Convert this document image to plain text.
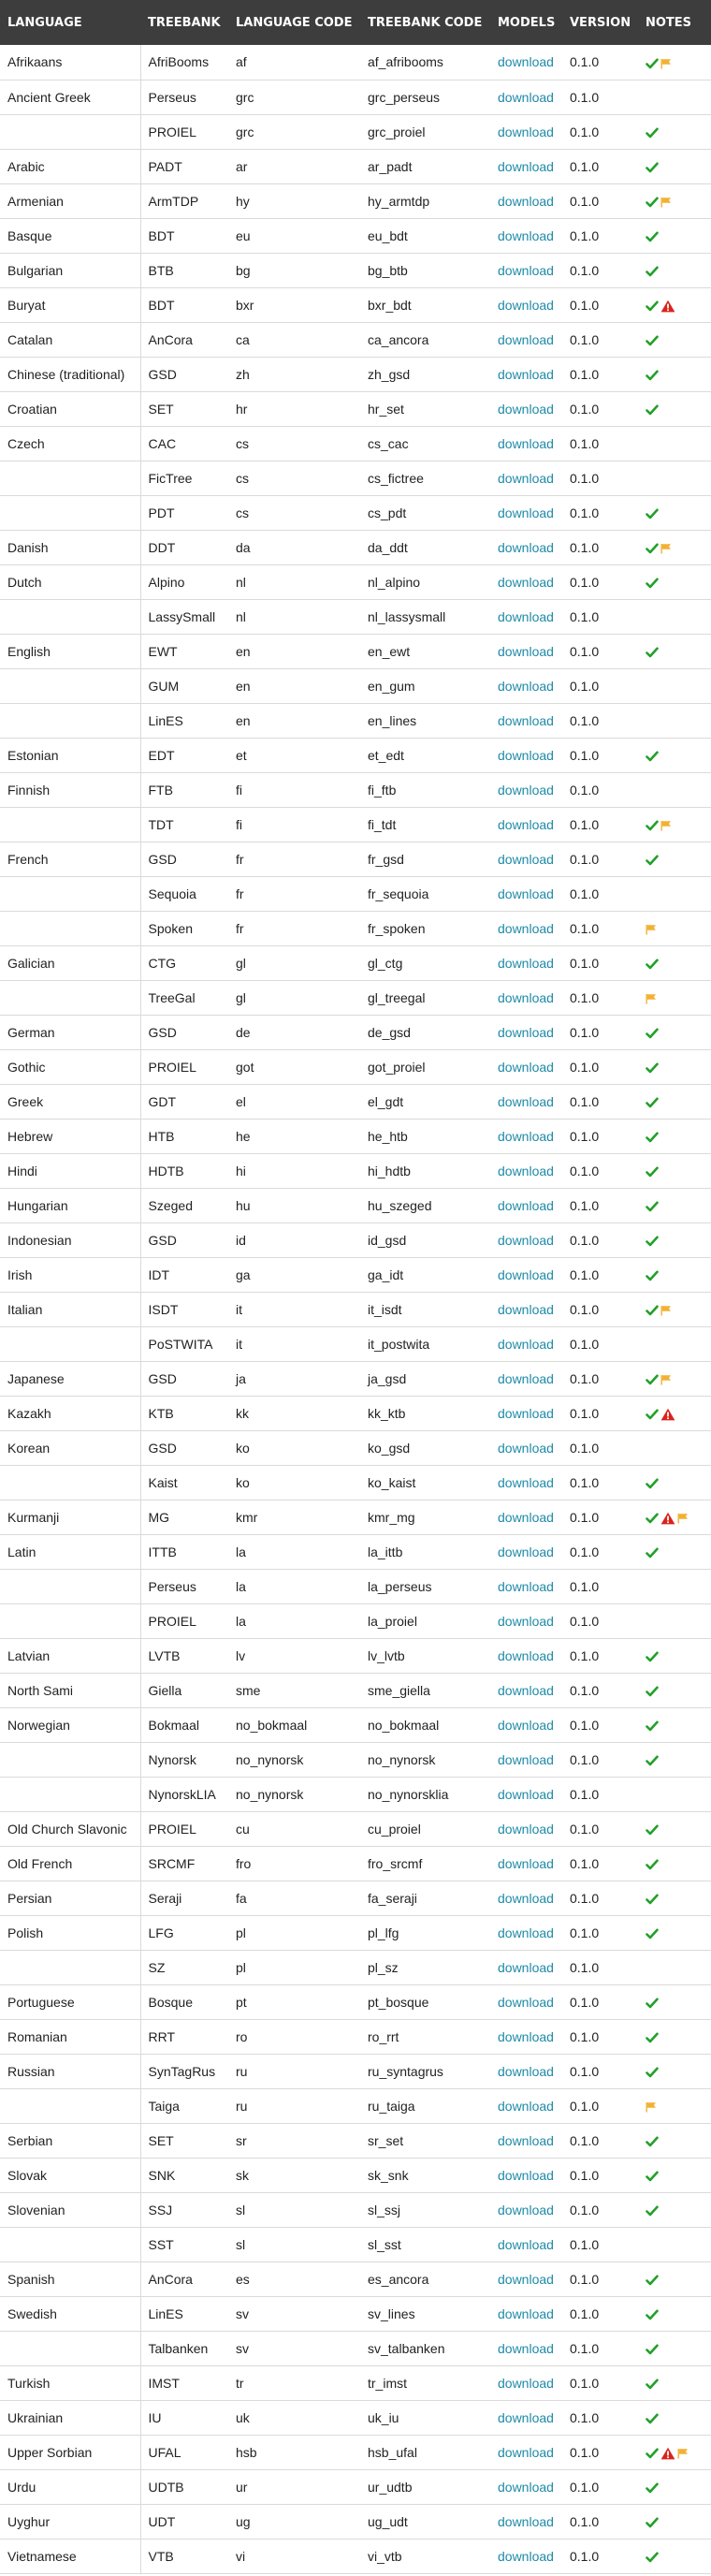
LANGUAGE	TREEBANK	LANGUAGE CODE	TREEBANK CODE	MODELS	VERSION	NOTES
Afrikaans	AfriBooms	af	af_afribooms	download	0.1.0	
Ancient Greek	Perseus	grc	grc_perseus	download	0.1.0	
	PROIEL	grc	grc_proiel	download	0.1.0	
Arabic	PADT	ar	ar_padt	download	0.1.0	
Armenian	ArmTDP	hy	hy_armtdp	download	0.1.0	
Basque	BDT	eu	eu_bdt	download	0.1.0	
Bulgarian	BTB	bg	bg_btb	download	0.1.0	
Buryat	BDT	bxr	bxr_bdt	download	0.1.0	
Catalan	AnCora	ca	ca_ancora	download	0.1.0	
Chinese (traditional)	GSD	zh	zh_gsd	download	0.1.0	
Croatian	SET	hr	hr_set	download	0.1.0	
Czech	CAC	cs	cs_cac	download	0.1.0	
	FicTree	cs	cs_fictree	download	0.1.0	
	PDT	cs	cs_pdt	download	0.1.0	
Danish	DDT	da	da_ddt	download	0.1.0	
Dutch	Alpino	nl	nl_alpino	download	0.1.0	
	LassySmall	nl	nl_lassysmall	download	0.1.0	
English	EWT	en	en_ewt	download	0.1.0	
	GUM	en	en_gum	download	0.1.0	
	LinES	en	en_lines	download	0.1.0	
Estonian	EDT	et	et_edt	download	0.1.0	
Finnish	FTB	fi	fi_ftb	download	0.1.0	
	TDT	fi	fi_tdt	download	0.1.0	
French	GSD	fr	fr_gsd	download	0.1.0	
	Sequoia	fr	fr_sequoia	download	0.1.0	
	Spoken	fr	fr_spoken	download	0.1.0	
Galician	CTG	gl	gl_ctg	download	0.1.0	
	TreeGal	gl	gl_treegal	download	0.1.0	
German	GSD	de	de_gsd	download	0.1.0	
Gothic	PROIEL	got	got_proiel	download	0.1.0	
Greek	GDT	el	el_gdt	download	0.1.0	
Hebrew	HTB	he	he_htb	download	0.1.0	
Hindi	HDTB	hi	hi_hdtb	download	0.1.0	
Hungarian	Szeged	hu	hu_szeged	download	0.1.0	
Indonesian	GSD	id	id_gsd	download	0.1.0	
Irish	IDT	ga	ga_idt	download	0.1.0	
Italian	ISDT	it	it_isdt	download	0.1.0	
	PoSTWITA	it	it_postwita	download	0.1.0	
Japanese	GSD	ja	ja_gsd	download	0.1.0	
Kazakh	KTB	kk	kk_ktb	download	0.1.0	
Korean	GSD	ko	ko_gsd	download	0.1.0	
	Kaist	ko	ko_kaist	download	0.1.0	
Kurmanji	MG	kmr	kmr_mg	download	0.1.0	
Latin	ITTB	la	la_ittb	download	0.1.0	
	Perseus	la	la_perseus	download	0.1.0	
	PROIEL	la	la_proiel	download	0.1.0	
Latvian	LVTB	lv	lv_lvtb	download	0.1.0	
North Sami	Giella	sme	sme_giella	download	0.1.0	
Norwegian	Bokmaal	no_bokmaal	no_bokmaal	download	0.1.0	
	Nynorsk	no_nynorsk	no_nynorsk	download	0.1.0	
	NynorskLIA	no_nynorsk	no_nynorsklia	download	0.1.0	
Old Church Slavonic	PROIEL	cu	cu_proiel	download	0.1.0	
Old French	SRCMF	fro	fro_srcmf	download	0.1.0	
Persian	Seraji	fa	fa_seraji	download	0.1.0	
Polish	LFG	pl	pl_lfg	download	0.1.0	
	SZ	pl	pl_sz	download	0.1.0	
Portuguese	Bosque	pt	pt_bosque	download	0.1.0	
Romanian	RRT	ro	ro_rrt	download	0.1.0	
Russian	SynTagRus	ru	ru_syntagrus	download	0.1.0	
	Taiga	ru	ru_taiga	download	0.1.0	
Serbian	SET	sr	sr_set	download	0.1.0	
Slovak	SNK	sk	sk_snk	download	0.1.0	
Slovenian	SSJ	sl	sl_ssj	download	0.1.0	
	SST	sl	sl_sst	download	0.1.0	
Spanish	AnCora	es	es_ancora	download	0.1.0	
Swedish	LinES	sv	sv_lines	download	0.1.0	
	Talbanken	sv	sv_talbanken	download	0.1.0	
Turkish	IMST	tr	tr_imst	download	0.1.0	
Ukrainian	IU	uk	uk_iu	download	0.1.0	
Upper Sorbian	UFAL	hsb	hsb_ufal	download	0.1.0	
Urdu	UDTB	ur	ur_udtb	download	0.1.0	
Uyghur	UDT	ug	ug_udt	download	0.1.0	
Vietnamese	VTB	vi	vi_vtb	download	0.1.0	
